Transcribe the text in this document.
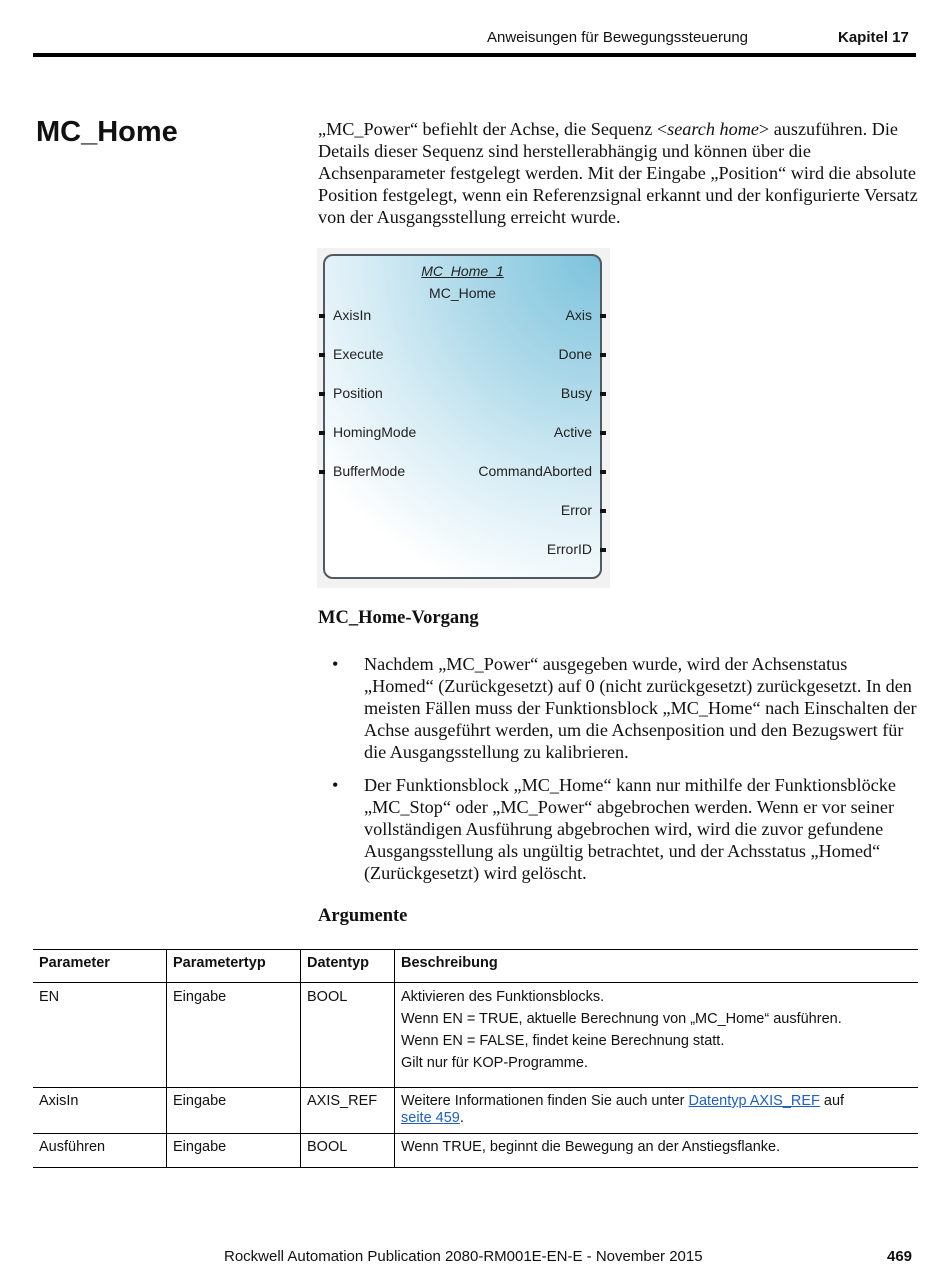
Anweisungen für Bewegungssteuerung	Kapitel 17
MC_Home	„MC_Power“ befiehlt der Achse, die Sequenz <search home> auszuführen. Die Details dieser Sequenz sind herstellerabhängig und können über die Achsenparameter festgelegt werden. Mit der Eingabe „Position“ wird die absolute Position festgelegt, wenn ein Referenzsignal erkannt und der konfigurierte Versatz von der Ausgangsstellung erreicht wurde.
MC_Home_1
MC_Home
AxisIn
Execute
Position
HomingMode
BufferMode
Axis
Done
Busy
Active
CommandAborted
Error
ErrorID
MC_Home-Vorgang
• Nachdem „MC_Power“ ausgegeben wurde, wird der Achsenstatus „Homed“ (Zurückgesetzt) auf 0 (nicht zurückgesetzt) zurückgesetzt. In den meisten Fällen muss der Funktionsblock „MC_Home“ nach Einschalten der Achse ausgeführt werden, um die Achsenposition und den Bezugswert für die Ausgangsstellung zu kalibrieren.
• Der Funktionsblock „MC_Home“ kann nur mithilfe der Funktionsblöcke „MC_Stop“ oder „MC_Power“ abgebrochen werden. Wenn er vor seiner vollständigen Ausführung abgebrochen wird, wird die zuvor gefundene Ausgangsstellung als ungültig betrachtet, und der Achsstatus „Homed“ (Zurückgesetzt) wird gelöscht.
Argumente
Parameter	Parametertyp	Datentyp	Beschreibung
EN	Eingabe	BOOL	Aktivieren des Funktionsblocks.

Wenn EN = TRUE, aktuelle Berechnung von „MC_Home“ ausführen.

Wenn EN = FALSE, findet keine Berechnung statt.

Gilt nur für KOP-Programme.

AxisIn	Eingabe	AXIS_REF	Weitere Informationen finden Sie auch unter Datentyp AXIS_REF auf
seite 459.
Ausführen	Eingabe	BOOL	Wenn TRUE, beginnt die Bewegung an der Anstiegsflanke.
Rockwell Automation Publication 2080-RM001E-EN-E - November 2015	469
